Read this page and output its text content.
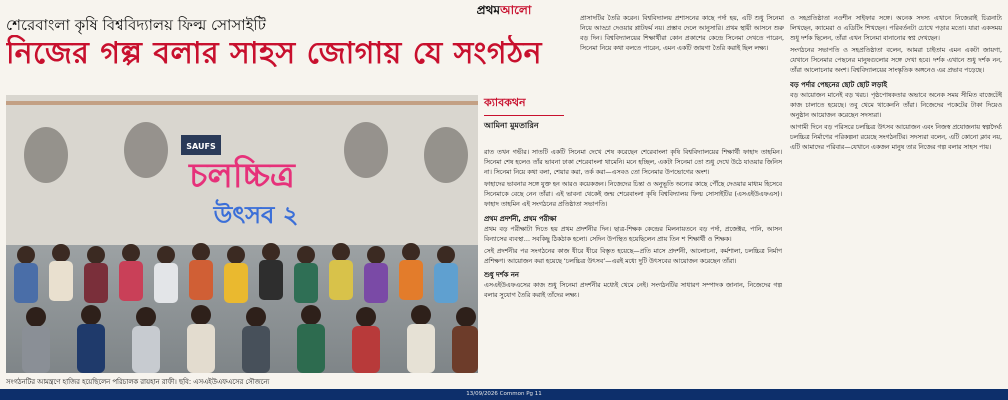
প্রথমআলো
শেরেবাংলা কৃষি বিশ্ববিদ্যালয় ফিল্ম সোসাইটি
নিজের গল্প বলার সাহস জোগায় যে সংগঠন
SAUFS
চলচ্চিত্র
উৎসব ২
সংগঠনটির আমন্ত্রণে হাজির হয়েছিলেন পরিচালক রায়হান রাফী। ছবি: এসএইউএফএসের সৌজন্যে

প্রাসাদটির তৈরি করেন। বিশ্ববিদ্যালয় প্রশাসনের কাছে পর্দা হয়, এটি শুধু সিনেমা নিয়ে আড্ডা দেওয়ার প্লাটফর্ম নয়। প্রস্তাব দেলে আনুসারি। প্রথম স্থায়ী আসনে শুরু বড় দিন। বিশ্ববিদ্যালয়ের শিক্ষার্থীরা কোন প্রকাশের কেন্দ্রে সিনেমা দেখতে পারেন, সিনেমা নিয়ে কথা বলতে পারেন, এমন একটি জায়গা তৈরি করাই ছিল লক্ষ্য।

ক্যাবকথন
আমিনা মুমতারিন

রাত তখন গভীর। সাতটি একটি সিনেমা দেখে শেষ করেছেন শেরেবাংলা কৃষি বিশ্ববিদ্যালয়ের শিক্ষার্থী ফাহাদ তাহমিন। সিনেমা শেষ হলেও তাঁর ভাবনা ঢাকা শেরেবাংলা থামেনি। মনে হচ্ছিল, একটা সিনেমা তো শুধু দেখে উঠে যাওয়ার জিনিস না। সিনেমা নিয়ে কথা বলা, শেয়ার করা, তর্ক করা—এসবও তো সিনেমার উপভোগের অংশ।

ফাহাদের ভাবনার সঙ্গে যুক্ত হন আরও কয়েকজন। নিজেদের চিন্তা ও অনুভূতি অন্যের কাছে পৌঁছে দেওয়ার মাধ্যম হিসেবে সিনেমাকে বেছে নেন তাঁরা। এই ভাবনা থেকেই জন্ম শেরেবাংলা কৃষি বিশ্ববিদ্যালয় ফিল্ম সোসাইটির (এসএইউএফএস)। ফাহাদ তাহমিন এই সংগঠনের প্রতিষ্ঠাতা সভাপতি।

প্রথম প্রদর্শনী, প্রথম পরীক্ষা

প্রথম বড় পরীক্ষাটা দিতে হয় প্রথম প্রদর্শনীর দিন। ছাত্র-শিক্ষক কেন্দ্রের মিলনায়তনে বড় পর্দা, প্রজেক্টর, পানি, আসন বিন্যাসের ব্যবস্থা… সবকিছু ঠিকঠাক হলো। সেদিন উপস্থিত হয়েছিলেন প্রায় তিন শ শিক্ষার্থী ও শিক্ষক।

সেই প্রদর্শনীর পর সংগঠনের কাজ ধীরে ধীরে বিস্তৃত হয়েছে—প্রতি মাসে প্রদর্শনী, আলোচনা, কর্মশালা, চলচ্চিত্র নির্মাণ প্রশিক্ষণ। আয়োজন করা হয়েছে ‘চলচ্চিত্র উৎসব’—এরই মধ্যে দুটি উৎসবের আয়োজন করেছেন তাঁরা।

শুধু দর্শক নন

এসএইউএফএসের কাজ শুধু সিনেমা প্রদর্শনীর মধ্যেই থেমে নেই। সংগঠনটির সাধারণ সম্পাদক জানান, নিজেদের গল্প বলার সুযোগ তৈরি করাই তাঁদের লক্ষ্য।

ও সহপ্রতিষ্ঠাতা নওশীন সাইফার সঙ্গে। অনেক সদস্য এখানে নিজেরাই চিত্রনাট্য লিখছেন, ক্যামেরা ও এডিটিং শিখছেন। পরিবর্তনটা চোখে পড়ার মতো। যারা একসময় শুধু দর্শক ছিলেন, তাঁরা এখন সিনেমা বানানোর স্বপ্ন দেখছেন।

সংগঠনের সভাপতি ও সহপ্রতিষ্ঠাতা বলেন, আমরা চাইতাম এমন একটা জায়গা, যেখানে সিনেমার পেছনের মানুষগুলোর সঙ্গে দেখা হবে। দর্শক এখানে শুধু দর্শক নন, তাঁরা আলোচনার অংশ। বিশ্ববিদ্যালয়ের সাংস্কৃতিক অঙ্গনেও এর প্রভাব পড়েছে।

বড় পর্দার পেছনের ছোট ছোট লড়াই

বড় আয়োজন মানেই বড় খরচ। পৃষ্ঠপোষকতার অভাবে অনেক সময় সীমিত বাজেটেই কাজ চালাতে হয়েছে। তবু থেমে থাকেননি তাঁরা। নিজেদের পকেটের টাকা দিয়েও অনুষ্ঠান আয়োজন করেছেন সদস্যরা।

আগামী দিনে বড় পরিসরে চলচ্চিত্র উৎসব আয়োজন এবং নিজস্ব প্রযোজনায় স্বল্পদৈর্ঘ্য চলচ্চিত্র নির্মাণের পরিকল্পনা রয়েছে সংগঠনটির। সদস্যরা বলেন, এটি কোনো ক্লাব নয়, এটি আমাদের পরিবার—যেখানে একজন মানুষ তার নিজের গল্প বলার সাহস পায়।

13/09/2026 Common Pg 11
